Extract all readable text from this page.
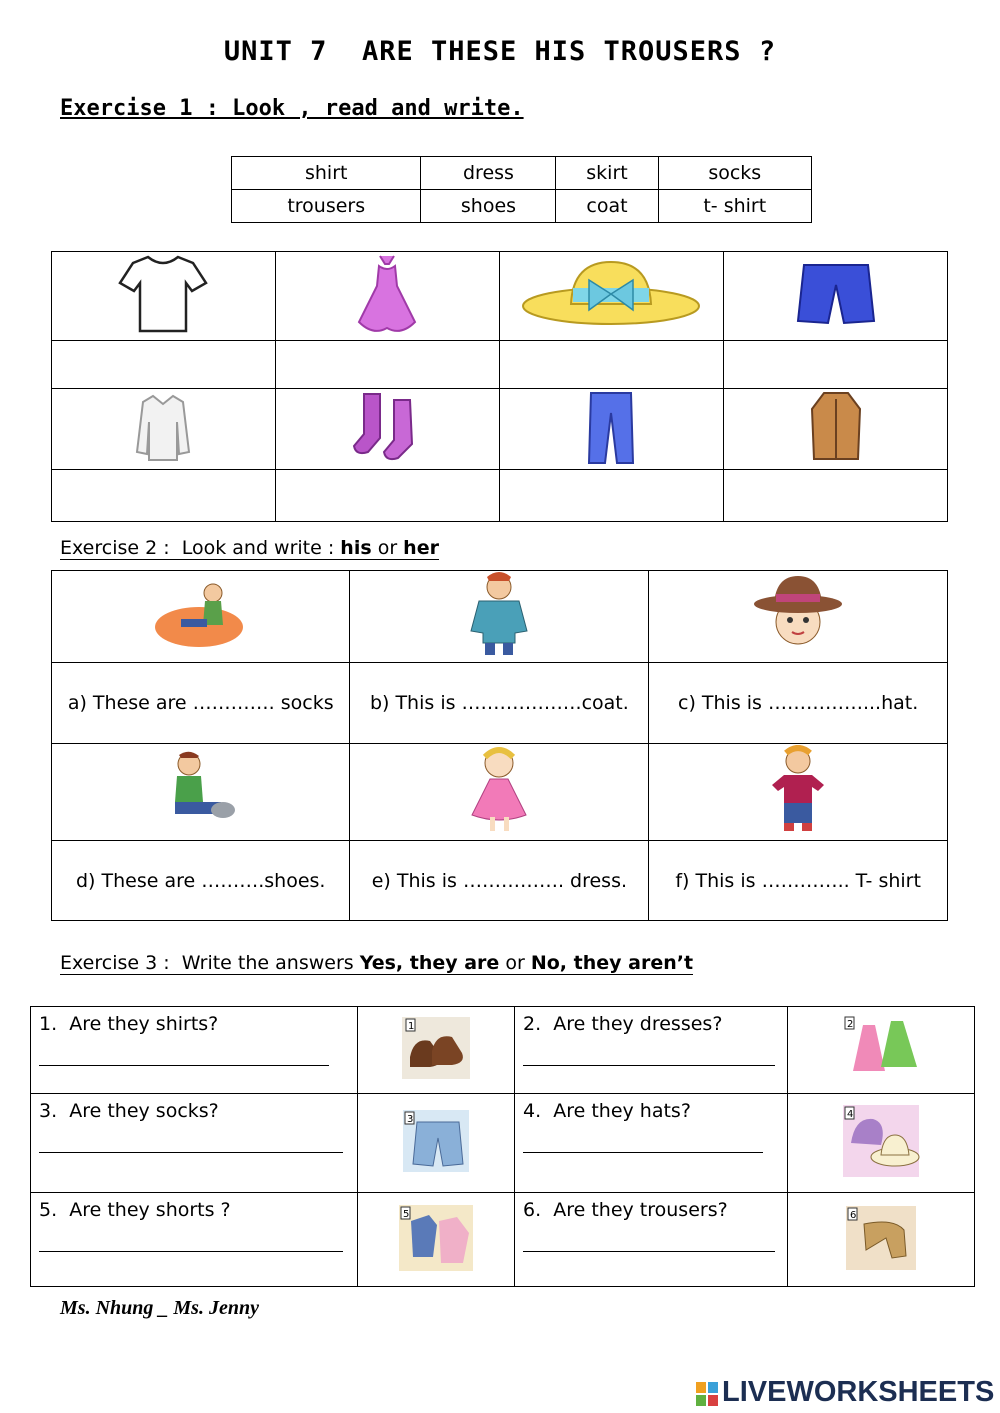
UNIT 7  ARE THESE HIS TROUSERS ?
Exercise 1 : Look , read and write.
shirt	dress	skirt	socks
trousers	shoes	coat	t- shirt

Exercise 2 :  Look and write : his or her

a) These are …………. socks	b) This is ……………….coat.	c) This is ……………...hat.

d) These are ……….shoes.	e) This is ……………. dress.	f) This is ………….. T- shirt
Exercise 3 :  Write the answers Yes, they are or No, they aren’t
1.  Are they shirts?	1	2.  Are they dresses?	2

3.  Are they socks?	3	4.  Are they hats?	4

5.  Are they shorts ?	5	6.  Are they trousers?	6
Ms. Nhung _ Ms. Jenny
LIVEWORKSHEETS
